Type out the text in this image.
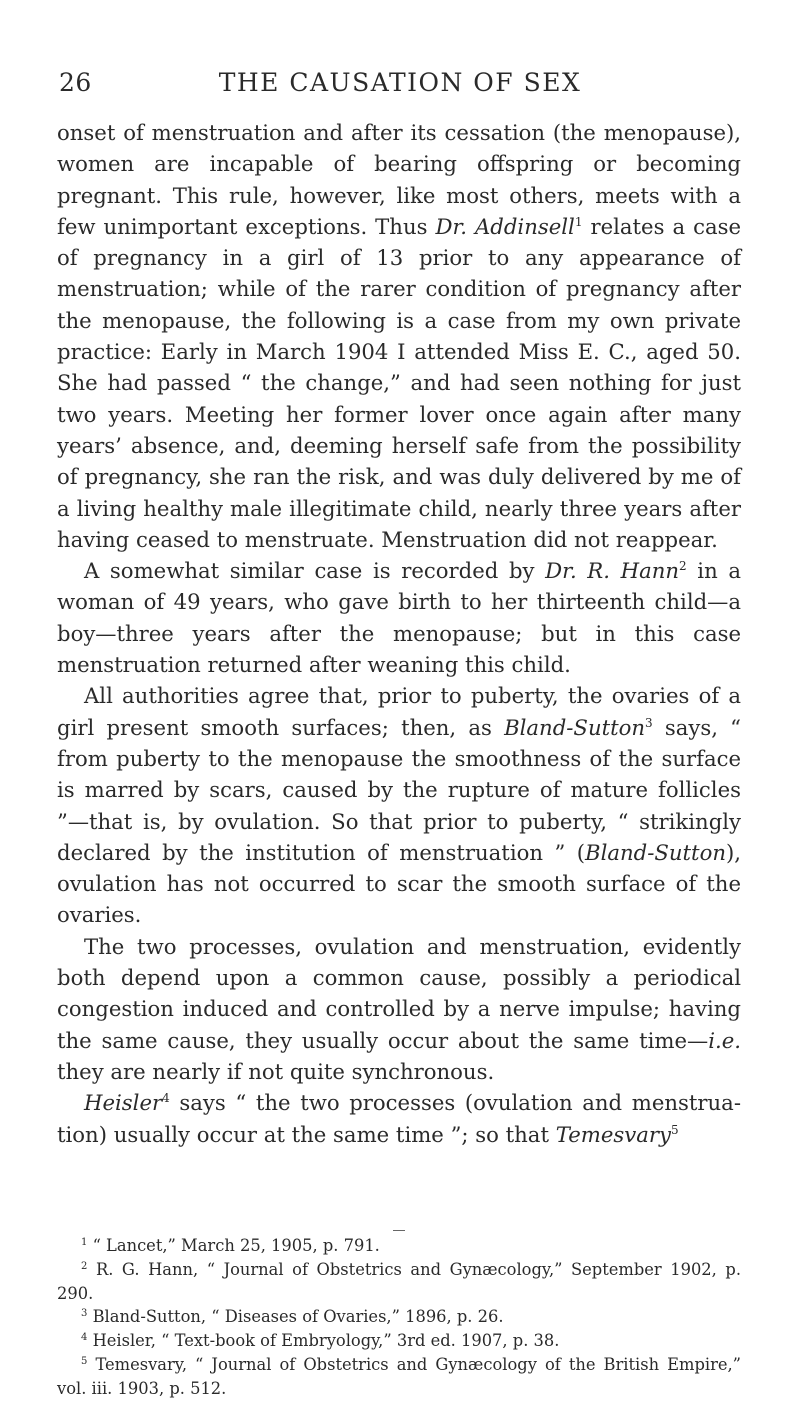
26	THE CAUSATION OF SEX

onset of menstruation and after its cessation (the menopause), women are incapable of bearing offspring or becoming pregnant. This rule, however, like most others, meets with a few unimportant exceptions. Thus Dr. Addinsell$^1$ relates a case of pregnancy in a girl of 13 prior to any appearance of menstruation; while of the rarer condition of pregnancy after the menopause, the following is a case from my own private practice: Early in March 1904 I attended Miss E. C., aged 50. She had passed “ the change,” and had seen nothing for just two years. Meeting her former lover once again after many years’ absence, and, deeming herself safe from the possibility of pregnancy, she ran the risk, and was duly delivered by me of a living healthy male illegitimate child, nearly three years after having ceased to menstruate. Menstruation did not reappear.

A somewhat similar case is recorded by Dr. R. Hann$^2$ in a woman of 49 years, who gave birth to her thirteenth child—a boy—three years after the menopause; but in this case menstruation returned after weaning this child.

All authorities agree that, prior to puberty, the ovaries of a girl present smooth surfaces; then, as Bland-Sutton$^3$ says, “ from puberty to the menopause the smoothness of the surface is marred by scars, caused by the rupture of mature follicles ”—that is, by ovulation. So that prior to puberty, “ strikingly declared by the institution of menstruation ” (Bland-Sutton), ovulation has not occurred to scar the smooth surface of the ovaries.

The two processes, ovulation and menstruation, evidently both depend upon a common cause, possibly a periodical congestion induced and controlled by a nerve impulse; having the same cause, they usually occur about the same time—i.e. they are nearly if not quite synchronous.

Heisler$^4$ says “ the two processes (ovulation and menstruation) usually occur at the same time ”; so that Temesvary$^5$

$^1$ “ Lancet,” March 25, 1905, p. 791.

$^2$ R. G. Hann, “ Journal of Obstetrics and Gynæcology,” September 1902, p. 290.

$^3$ Bland-Sutton, “ Diseases of Ovaries,” 1896, p. 26.

$^4$ Heisler, “ Text-book of Embryology,” 3rd ed. 1907, p. 38.

$^5$ Temesvary, “ Journal of Obstetrics and Gynæcology of the British Empire,” vol. iii. 1903, p. 512.
